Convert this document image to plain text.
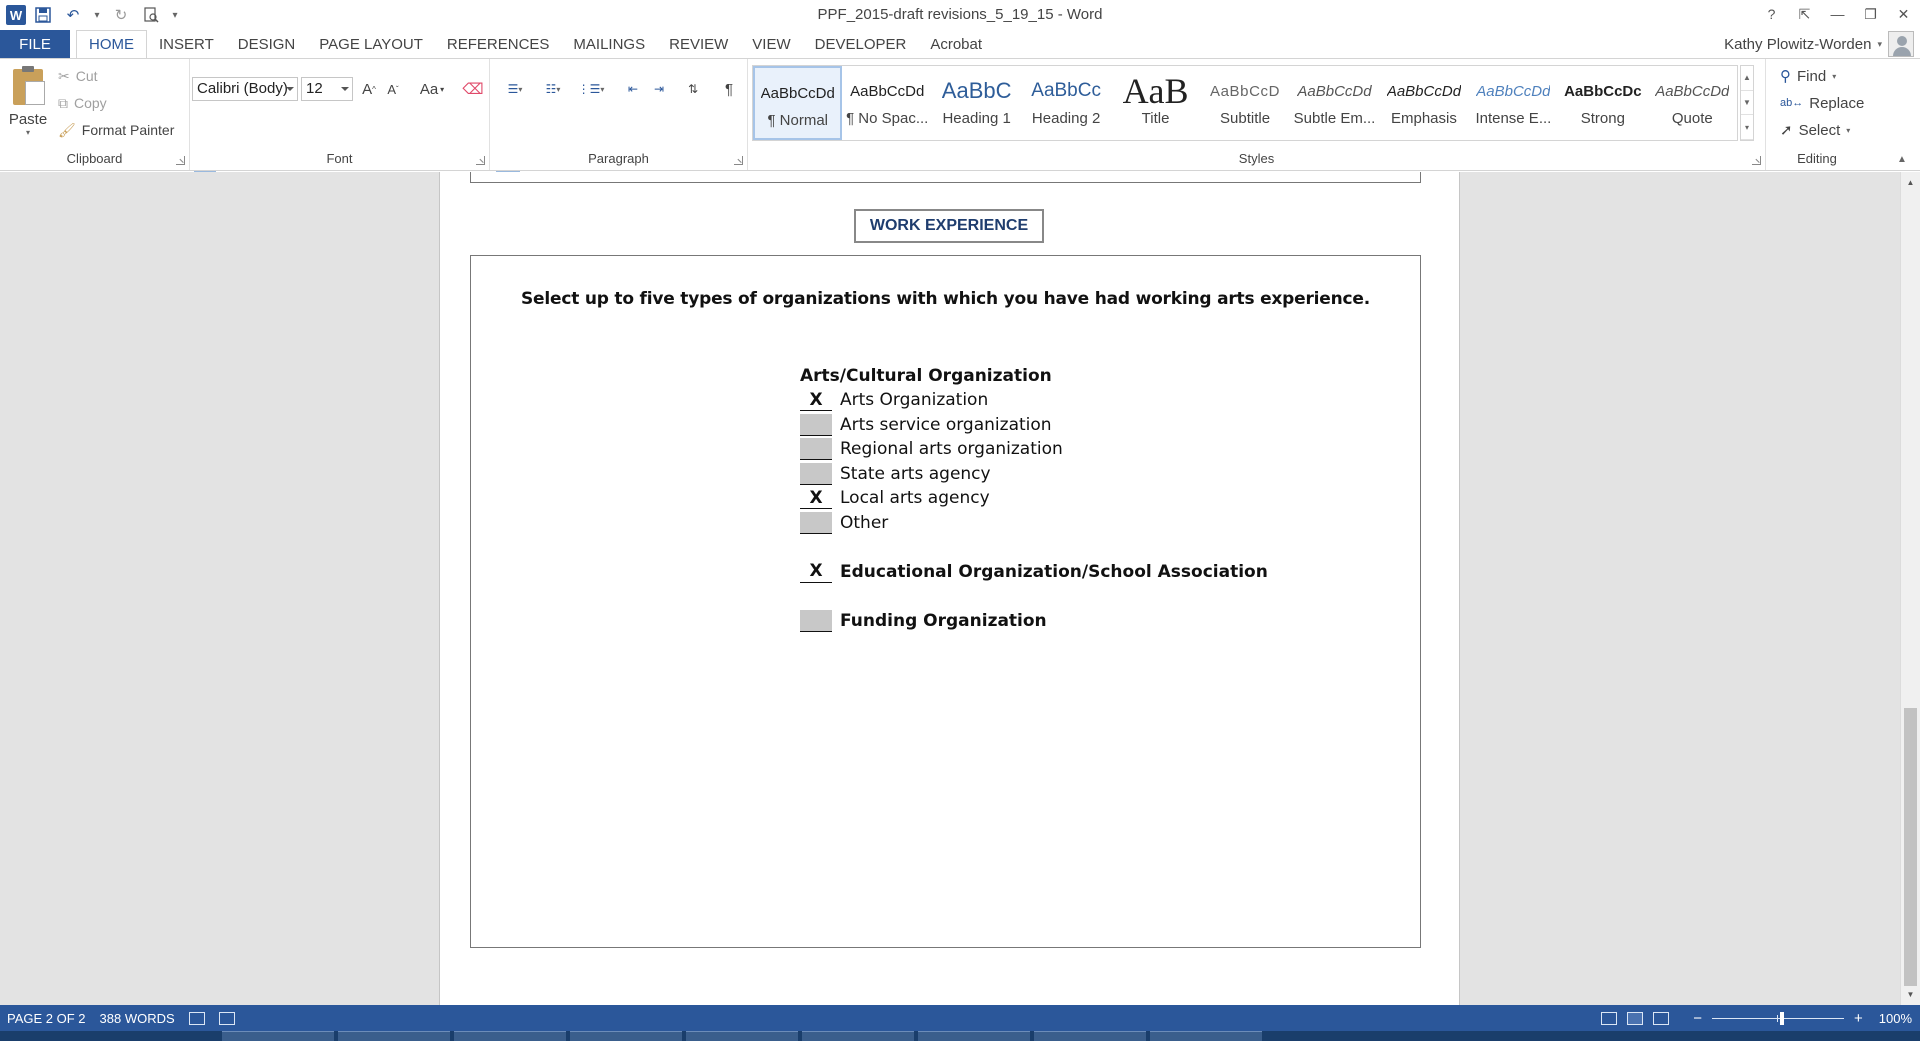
W	↶	▾	↻	▾	PPF_2015-draft revisions_5_19_15 - Word	?	⇱	—	❐	✕
FILE	HOME	INSERT	DESIGN	PAGE LAYOUT	REFERENCES	MAILINGS	REVIEW	VIEW	DEVELOPER	Acrobat	Kathy Plowitz-Worden ▾
Paste
▾
✂ Cut
⧉ Copy
🖌 Format Painter
Clipboard	Font
Calibri (Body)	12	A ^ A ˇ Aa ▾ ⌫
Paragraph
☰ ▾	☷ ▾	⋮☰ ▾	⇤	⇥	⇅	¶
Styles
AaBbCcDd
¶ Normal
AaBbCcDd
¶ No Spac...
AaBbC
Heading 1
AaBbCc
Heading 2
AaB
Title
AaBbCcD
Subtitle
AaBbCcDd
Subtle Em...
AaBbCcDd
Emphasis
AaBbCcDd
Intense E...
AaBbCcDc
Strong
AaBbCcDd
Quote
▲
▼
▾
Editing
⚲ Find ▾
ab↔ Replace
➚ Select ▾
▲
WORK EXPERIENCE
Select up to five types of organizations with which you have had working arts experience.
Arts/Cultural Organization
X	Arts Organization
Arts service organization
Regional arts organization
State arts agency
X	Local arts agency
Other
X	Educational Organization/School Association
Funding Organization
▲
▼
PAGE 2 OF 2 388 WORDS	−	+ 100%
